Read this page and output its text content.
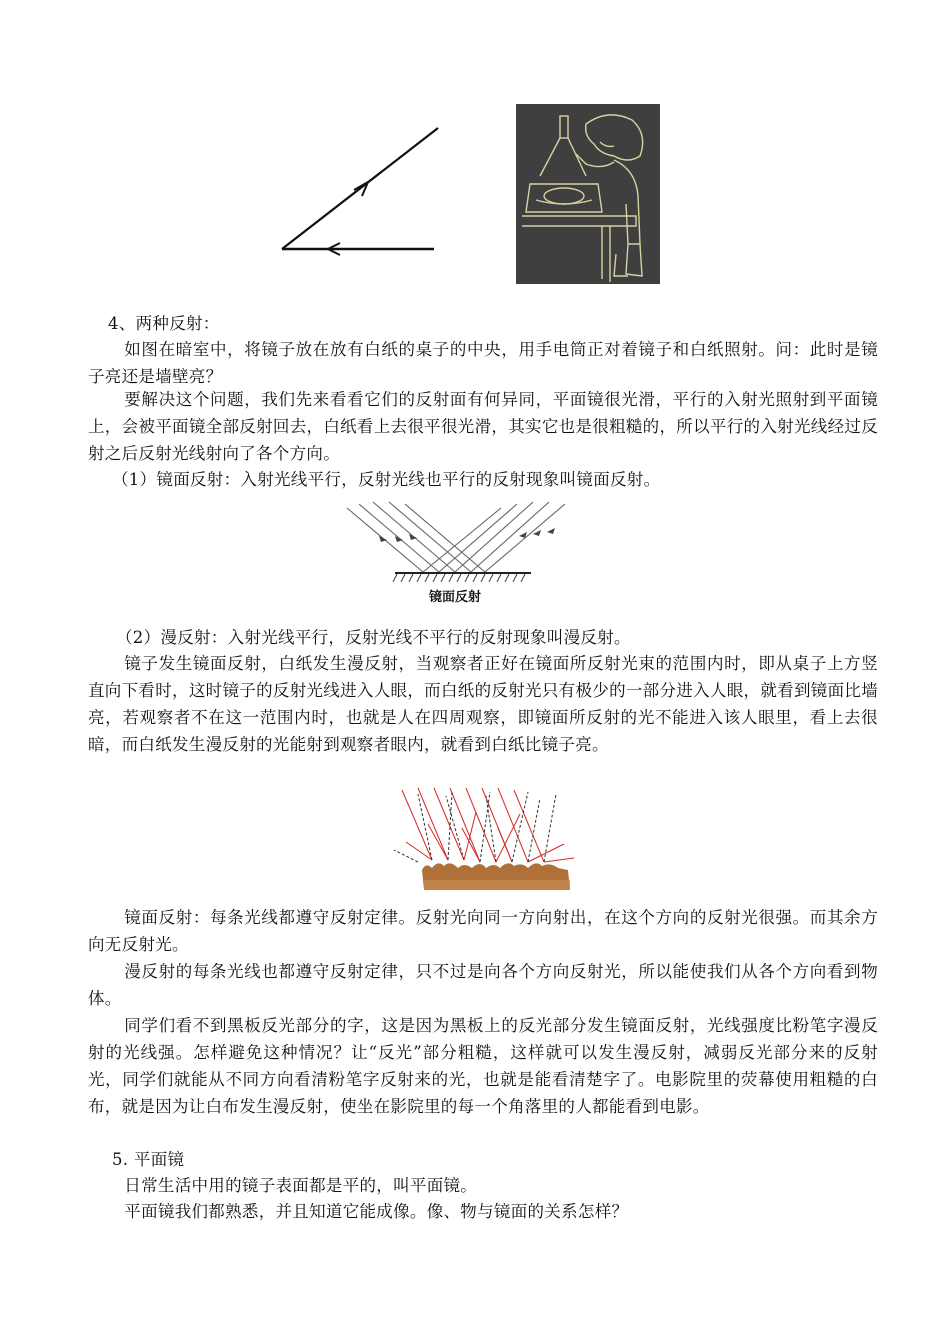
4、两种反射：

如图在暗室中，将镜子放在放有白纸的桌子的中央，用手电筒正对着镜子和白纸照射。问：此时是镜子亮还是墙壁亮？

要解决这个问题，我们先来看看它们的反射面有何异同，平面镜很光滑，平行的入射光照射到平面镜上，会被平面镜全部反射回去，白纸看上去很平很光滑，其实它也是很粗糙的，所以平行的入射光线经过反射之后反射光线射向了各个方向。

（1）镜面反射：入射光线平行，反射光线也平行的反射现象叫镜面反射。

镜面反射

（2）漫反射：入射光线平行，反射光线不平行的反射现象叫漫反射。

镜子发生镜面反射，白纸发生漫反射，当观察者正好在镜面所反射光束的范围内时，即从桌子上方竖直向下看时，这时镜子的反射光线进入人眼，而白纸的反射光只有极少的一部分进入人眼，就看到镜面比墙亮，若观察者不在这一范围内时，也就是人在四周观察，即镜面所反射的光不能进入该人眼里，看上去很暗，而白纸发生漫反射的光能射到观察者眼内，就看到白纸比镜子亮。

镜面反射：每条光线都遵守反射定律。反射光向同一方向射出，在这个方向的反射光很强。而其余方向无反射光。

漫反射的每条光线也都遵守反射定律，只不过是向各个方向反射光，所以能使我们从各个方向看到物体。

同学们看不到黑板反光部分的字，这是因为黑板上的反光部分发生镜面反射，光线强度比粉笔字漫反射的光线强。怎样避免这种情况？让“反光”部分粗糙，这样就可以发生漫反射，减弱反光部分来的反射光，同学们就能从不同方向看清粉笔字反射来的光，也就是能看清楚字了。电影院里的荧幕使用粗糙的白布，就是因为让白布发生漫反射，使坐在影院里的每一个角落里的人都能看到电影。

5. 平面镜

日常生活中用的镜子表面都是平的，叫平面镜。

平面镜我们都熟悉，并且知道它能成像。像、物与镜面的关系怎样？
